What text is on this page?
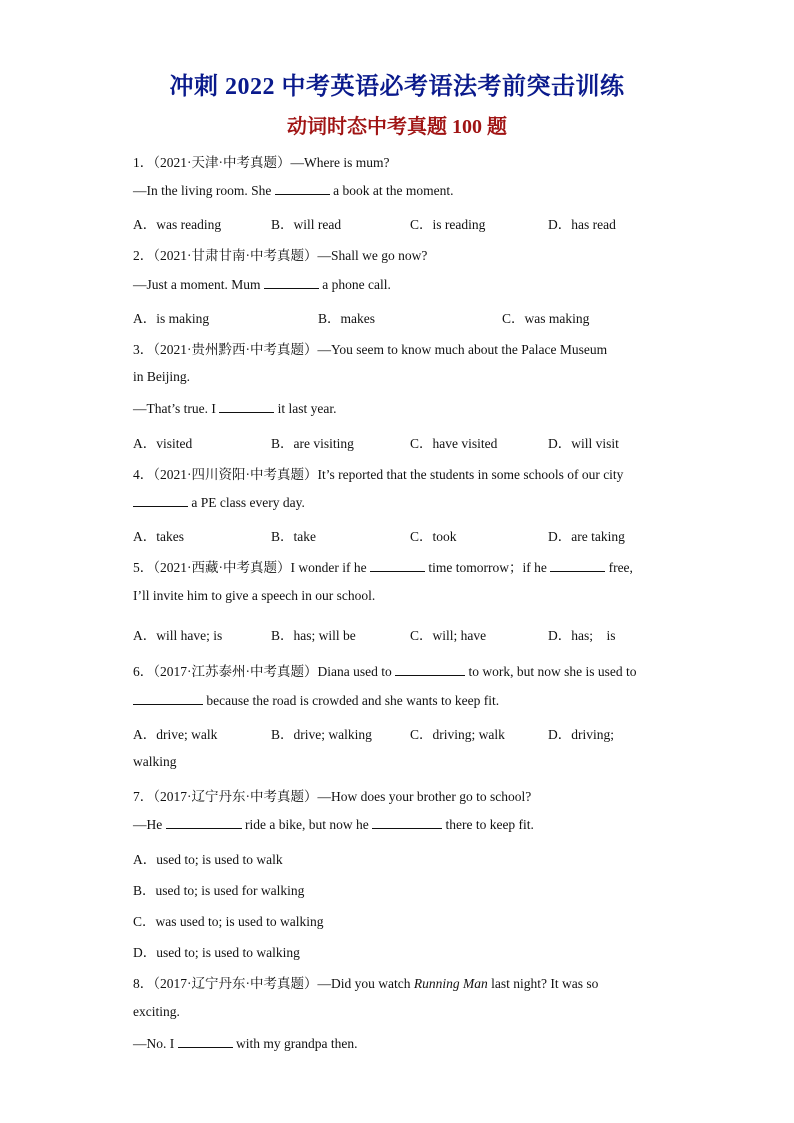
冲刺 2022 中考英语必考语法考前突击训练
动词时态中考真题 100 题
1．（2021·天津·中考真题）—Where is mum?
—In the living room. She	a book at the moment.
A．was reading	B．will read	C．is reading	D．has read
2．（2021·甘肃甘南·中考真题）—Shall we go now?
—Just a moment. Mum	a phone call.
A．is making	B．makes	C．was making
3．（2021·贵州黔西·中考真题）—You seem to know much about the Palace Museum
in Beijing.
—That’s true. I	it last year.
A．visited	B．are visiting	C．have visited	D．will visit
4．（2021·四川资阳·中考真题）It’s reported that the students in some schools of our city
a PE class every day.
A．takes	B．take	C．took	D．are taking
5．（2021·西藏·中考真题）I wonder if he	time tomorrow；if he	free,
I’ll invite him to give a speech in our school.
A．will have; is	B．has; will be	C．will; have	D．has;　is
6．（2017·江苏泰州·中考真题）Diana used to	to work, but now she is used to
because the road is crowded and she wants to keep fit.
A．drive; walk	B．drive; walking	C．driving; walk	D．driving;
walking
7．（2017·辽宁丹东·中考真题）—How does your brother go to school?
—He	ride a bike, but now he	there to keep fit.
A．used to; is used to walk
B．used to; is used for walking
C．was used to; is used to walking
D．used to; is used to walking
8．（2017·辽宁丹东·中考真题）—Did you watch Running Man last night? It was so
exciting.
—No. I	with my grandpa then.
